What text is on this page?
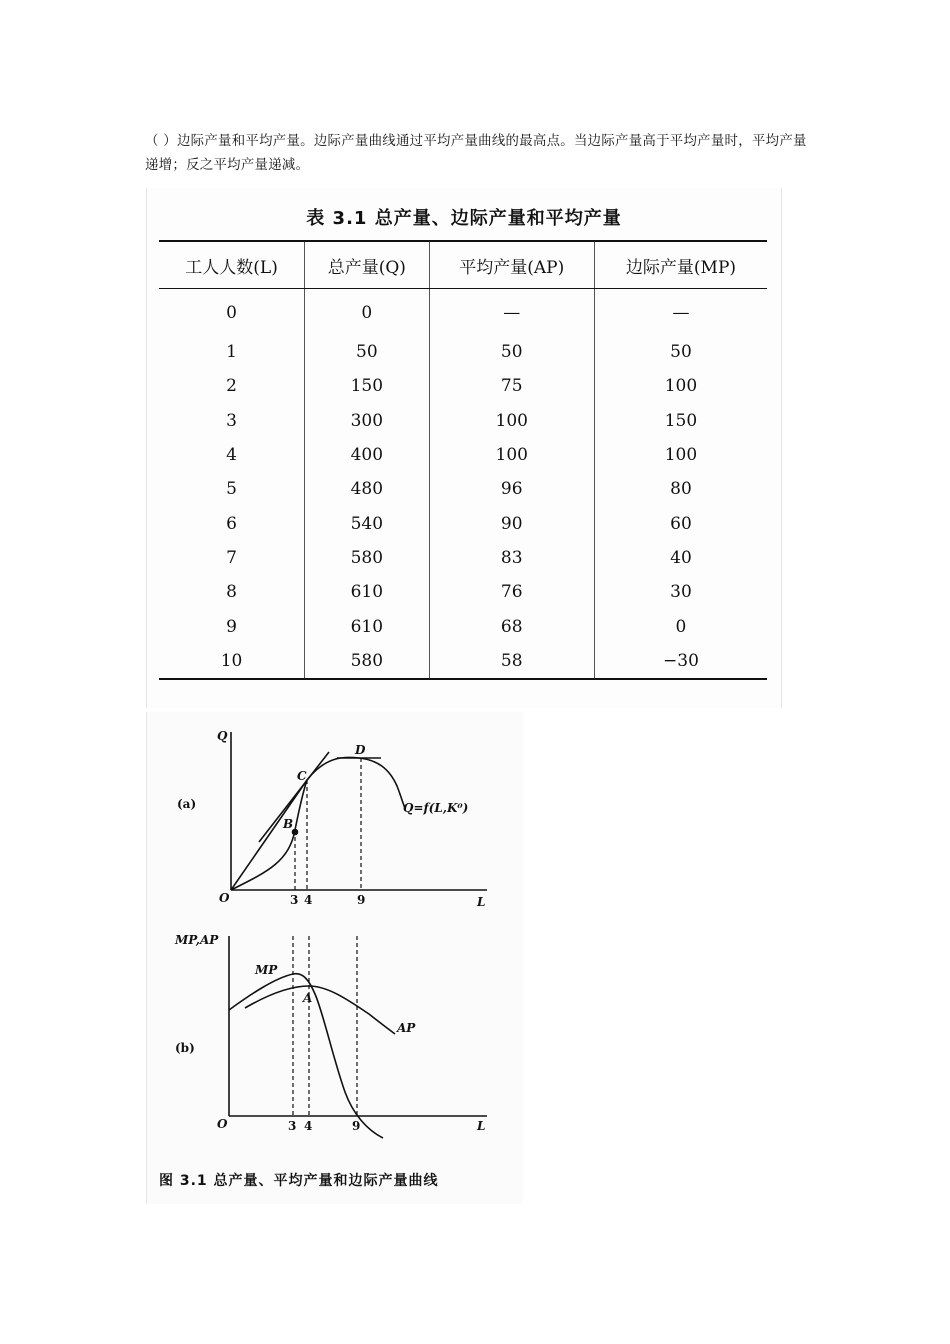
（ ）边际产量和平均产量。边际产量曲线通过平均产量曲线的最高点。当边际产量高于平均产量时，平均产量递增；反之平均产量递减。

表 3.1 总产量、边际产量和平均产量
工人人数(L)	总产量(Q)	平均产量(AP)	边际产量(MP)
0	0	—	—
1	50	50	50
2	150	75	100
3	300	100	150
4	400	100	100
5	480	96	80
6	540	90	60
7	580	83	40
8	610	76	30
9	610	68	0
10	580	58	−30
Q
L
O
(a)
B
C
D
Q=f(L,K⁰)
3 4	9
MP,AP
L
O
(b)
MP
AP
A
3 4	9
图 3.1 总产量、平均产量和边际产量曲线
